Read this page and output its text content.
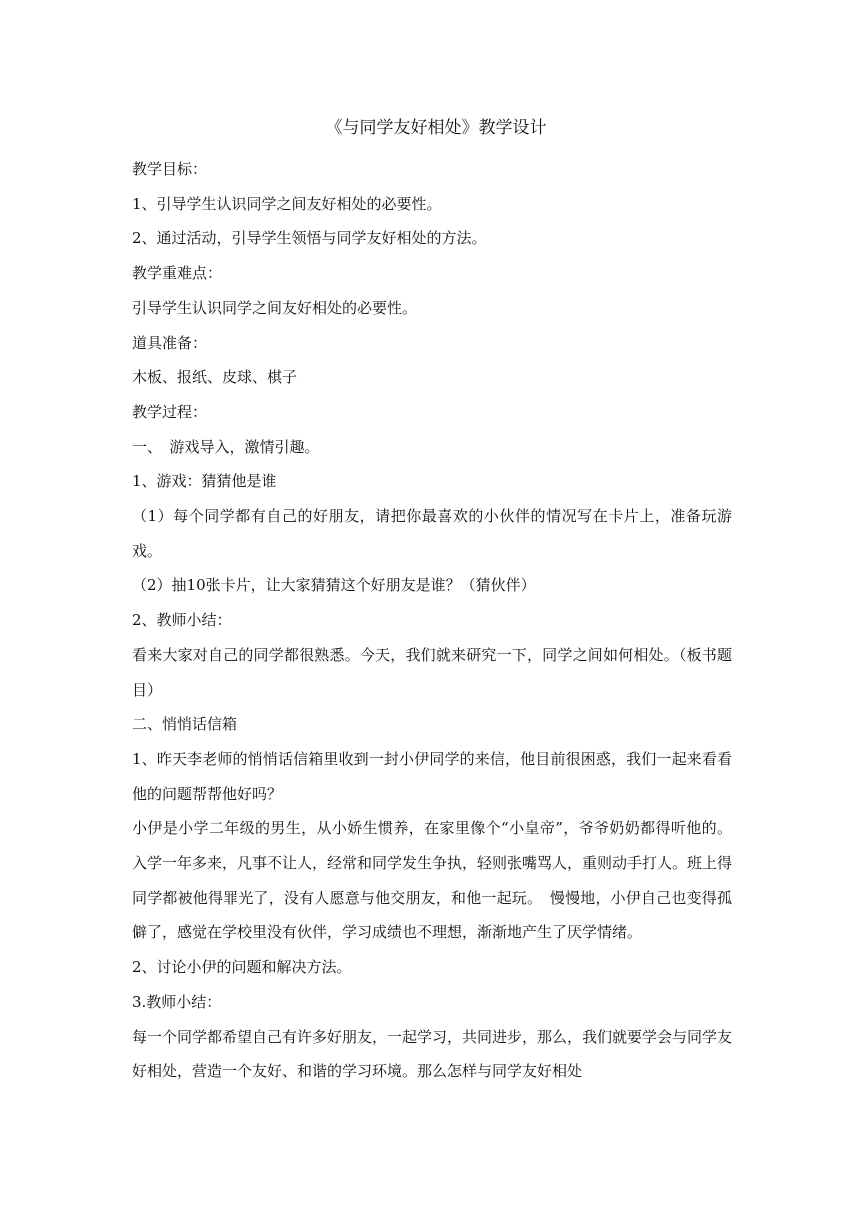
《与同学友好相处》教学设计

教学目标：

1、引导学生认识同学之间友好相处的必要性。

2、通过活动，引导学生领悟与同学友好相处的方法。

教学重难点：

引导学生认识同学之间友好相处的必要性。

道具准备：

木板、报纸、皮球、棋子

教学过程：

一、　游戏导入，激情引趣。

1、游戏：猜猜他是谁

（1）每个同学都有自己的好朋友，请把你最喜欢的小伙伴的情况写在卡片上，准备玩游戏。

（2）抽10张卡片，让大家猜猜这个好朋友是谁？（猜伙伴）

2、教师小结：

看来大家对自己的同学都很熟悉。今天，我们就来研究一下，同学之间如何相处。（板书题目）

二、悄悄话信箱

1、昨天李老师的悄悄话信箱里收到一封小伊同学的来信，他目前很困惑，我们一起来看看他的问题帮帮他好吗？

小伊是小学二年级的男生，从小娇生惯养，在家里像个“小皇帝”，爷爷奶奶都得听他的。入学一年多来，凡事不让人，经常和同学发生争执，轻则张嘴骂人，重则动手打人。班上得同学都被他得罪光了，没有人愿意与他交朋友，和他一起玩。　慢慢地，小伊自己也变得孤僻了，感觉在学校里没有伙伴，学习成绩也不理想，渐渐地产生了厌学情绪。

2、讨论小伊的问题和解决方法。

3.教师小结：

每一个同学都希望自己有许多好朋友，一起学习，共同进步，那么，我们就要学会与同学友好相处，营造一个友好、和谐的学习环境。那么怎样与同学友好相处
